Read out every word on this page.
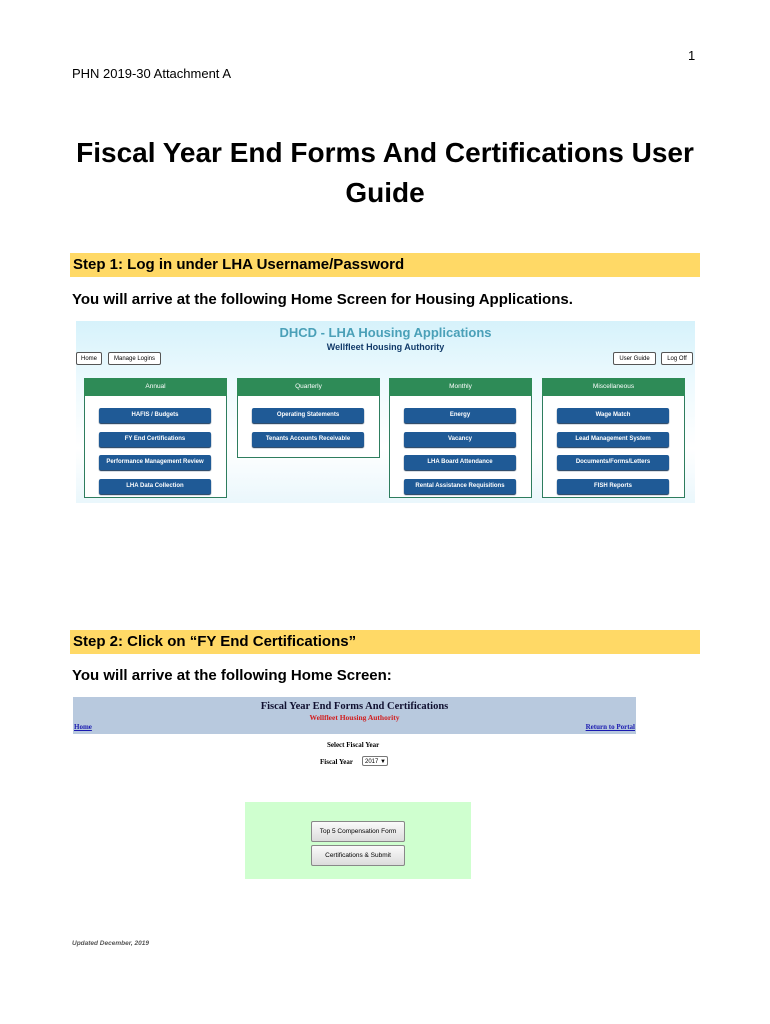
1
PHN 2019-30 Attachment A
Fiscal Year End Forms And Certifications User
Guide
Step 1: Log in under LHA Username/Password
You will arrive at the following Home Screen for Housing Applications.
DHCD - LHA Housing Applications
Wellfleet Housing Authority
Home	Manage Logins	User Guide	Log Off
Annual
HAFIS / Budgets
FY End Certifications
Performance Management Review
LHA Data Collection
Quarterly
Operating Statements
Tenants Accounts Receivable
Monthly
Energy
Vacancy
LHA Board Attendance
Rental Assistance Requisitions
Miscellaneous
Wage Match
Lead Management System
Documents/Forms/Letters
FISH Reports
Step 2: Click on “FY End Certifications”
You will arrive at the following Home Screen:
Fiscal Year End Forms And Certifications
Wellfleet Housing Authority
Home	Return to Portal
Select Fiscal Year
Fiscal Year	2017 ▼
Top 5 Compensation Form
Certifications & Submit
Updated December, 2019
